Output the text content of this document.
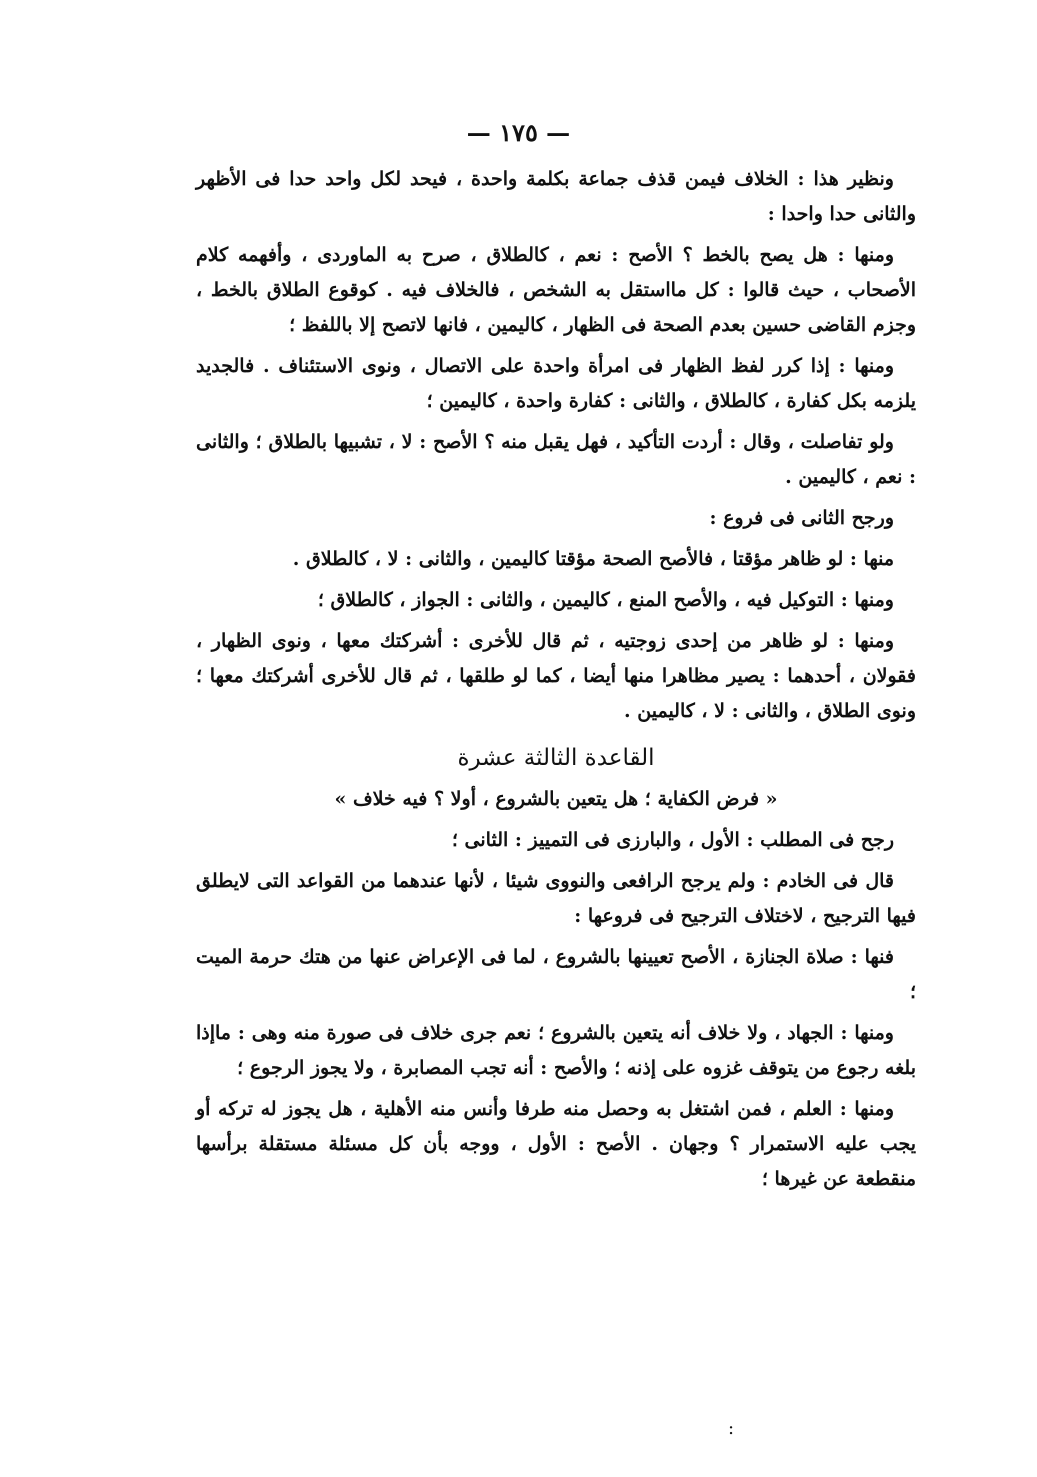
— ١٧٥ —

ونظير هذا : الخلاف فيمن قذف جماعة بكلمة واحدة ، فيحد لكل واحد حدا فى الأظهر والثانى حدا واحدا :

ومنها : هل يصح بالخط ؟ الأصح : نعم ، كالطلاق ، صرح به الماوردى ، وأفهمه كلام الأصحاب ، حيث قالوا : كل مااستقل به الشخص ، فالخلاف فيه . كوقوع الطلاق بالخط ، وجزم القاضى حسين بعدم الصحة فى الظهار ، كاليمين ، فانها لاتصح إلا باللفظ ؛

ومنها : إذا كرر لفظ الظهار فى امرأة واحدة على الاتصال ، ونوى الاستئناف . فالجديد يلزمه بكل كفارة ، كالطلاق ، والثانى : كفارة واحدة ، كاليمين ؛

ولو تفاصلت ، وقال : أردت التأكيد ، فهل يقبل منه ؟ الأصح : لا ، تشبيها بالطلاق ؛ والثانى : نعم ، كاليمين .

ورجح الثانى فى فروع :

منها : لو ظاهر مؤقتا ، فالأصح الصحة مؤقتا كاليمين ، والثانى : لا ، كالطلاق .

ومنها : التوكيل فيه ، والأصح المنع ، كاليمين ، والثانى : الجواز ، كالطلاق ؛

ومنها : لو ظاهر من إحدى زوجتيه ، ثم قال للأخرى : أشركتك معها ، ونوى الظهار ، فقولان ، أحدهما : يصير مظاهرا منها أيضا ، كما لو طلقها ، ثم قال للأخرى أشركتك معها ؛ ونوى الطلاق ، والثانى : لا ، كاليمين .

القاعدة الثالثة عشرة

« فرض الكفاية ؛ هل يتعين بالشروع ، أولا ؟ فيه خلاف »

رجح فى المطلب : الأول ، والبارزى فى التمييز : الثانى ؛

قال فى الخادم : ولم يرجح الرافعى والنووى شيئا ، لأنها عندهما من القواعد التى لايطلق فيها الترجيح ، لاختلاف الترجيح فى فروعها :

فنها : صلاة الجنازة ، الأصح تعيينها بالشروع ، لما فى الإعراض عنها من هتك حرمة الميت ؛

ومنها : الجهاد ، ولا خلاف أنه يتعين بالشروع ؛ نعم جرى خلاف فى صورة منه وهى : ماإذا بلغه رجوع من يتوقف غزوه على إذنه ؛ والأصح : أنه تجب المصابرة ، ولا يجوز الرجوع ؛

ومنها : العلم ، فمن اشتغل به وحصل منه طرفا وأنس منه الأهلية ، هل يجوز له تركه أو يجب عليه الاستمرار ؟ وجهان . الأصح : الأول ، ووجه بأن كل مسئلة مستقلة برأسها منقطعة عن غيرها ؛

:
